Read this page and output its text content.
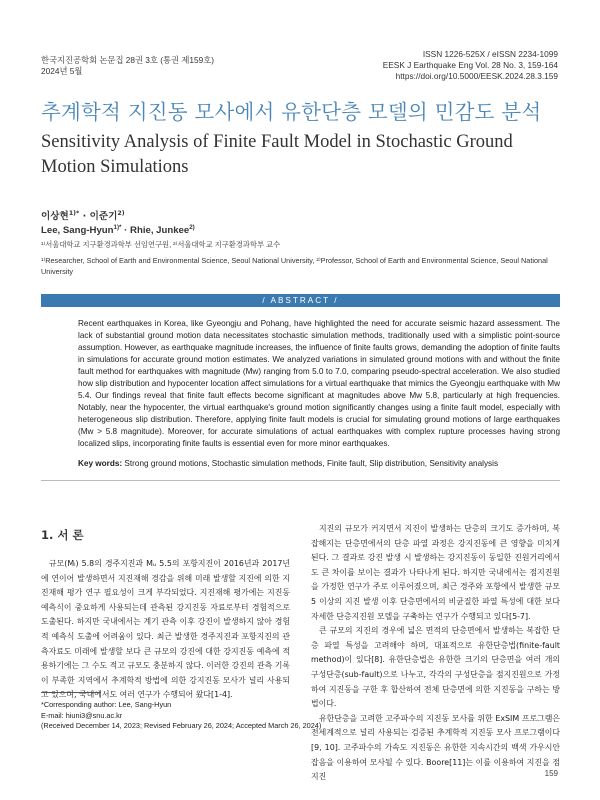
한국지진공학회 논문집 28권 3호 (통권 제159호)
2024년 5월
ISSN 1226-525X / eISSN 2234-1099
EESK J Earthquake Eng Vol. 28 No. 3, 159-164
https://doi.org/10.5000/EESK.2024.28.3.159
추계학적 지진동 모사에서 유한단층 모델의 민감도 분석
Sensitivity Analysis of Finite Fault Model in Stochastic Ground Motion Simulations
이상현$^{1)*}$ · 이준기$^{2)}$
Lee, Sang-Hyun$^{1)*}$ · Rhie, Junkee$^{2)}$
¹⁾서울대학교 지구환경과학부 선임연구원, ²⁾서울대학교 지구환경과학부 교수
¹⁾Researcher, School of Earth and Environmental Science, Seoul National University, ²⁾Professor, School of Earth and Environmental Science, Seoul National University
/ ABSTRACT /
Recent earthquakes in Korea, like Gyeongju and Pohang, have highlighted the need for accurate seismic hazard assessment. The lack of substantial ground motion data necessitates stochastic simulation methods, traditionally used with a simplistic point-source assumption. However, as earthquake magnitude increases, the influence of finite faults grows, demanding the adoption of finite faults in simulations for accurate ground motion estimates. We analyzed variations in simulated ground motions with and without the finite fault method for earthquakes with magnitude (Mw) ranging from 5.0 to 7.0, comparing pseudo-spectral acceleration. We also studied how slip distribution and hypocenter location affect simulations for a virtual earthquake that mimics the Gyeongju earthquake with Mw 5.4. Our findings reveal that finite fault effects become significant at magnitudes above Mw 5.8, particularly at high frequencies. Notably, near the hypocenter, the virtual earthquake's ground motion significantly changes using a finite fault model, especially with heterogeneous slip distribution. Therefore, applying finite fault models is crucial for simulating ground motions of large earthquakes (Mw > 5.8 magnitude). Moreover, for accurate simulations of actual earthquakes with complex rupture processes having strong localized slips, incorporating finite faults is essential even for more minor earthquakes.
Key words: Strong ground motions, Stochastic simulation methods, Finite fault, Slip distribution, Sensitivity analysis
1. 서 론

규모(Mₗ) 5.8의 경주지진과 Mᵤ 5.5의 포항지진이 2016년과 2017년에 연이어 발생하면서 지진재해 경감을 위해 미래 발생할 지진에 의한 지진재해 평가 연구 필요성이 크게 부각되었다. 지진재해 평가에는 지진동 예측식이 중요하게 사용되는데 관측된 강지진동 자료로부터 경험적으로 도출된다. 하지만 국내에서는 계기 관측 이후 강진이 발생하지 않아 경험적 예측식 도출에 어려움이 있다. 최근 발생한 경주지진과 포항지진의 관측자료도 미래에 발생할 보다 큰 규모의 강진에 대한 강지진동 예측에 적용하기에는 그 수도 적고 규모도 충분하지 않다. 이러한 강진의 관측 기록이 부족한 지역에서 추계학적 방법에 의한 강지진동 모사가 널리 사용되고 있으며, 국내에서도 여러 연구가 수행되어 왔다[1-4].

지진의 규모가 커지면서 지진이 발생하는 단층의 크기도 증가하며, 복잡해지는 단층면에서의 단층 파열 과정은 강지진동에 큰 영향을 미치게 된다. 그 결과로 강진 발생 시 발생하는 강지진동이 동일한 진원거리에서도 큰 차이를 보이는 결과가 나타나게 된다. 하지만 국내에서는 점지진원을 가정한 연구가 주로 이루어졌으며, 최근 경주와 포항에서 발생한 규모 5 이상의 지진 발생 이후 단층면에서의 비균질한 파열 특성에 대한 보다 자세한 단층지진원 모델을 구축하는 연구가 수행되고 있다[5-7].

큰 규모의 지진의 경우에 넓은 면적의 단층면에서 발생하는 복잡한 단층 파열 특성을 고려해야 하며, 대표적으로 유한단층법(finite-fault method)이 있다[8]. 유한단층법은 유한한 크기의 단층면을 여러 개의 구성단층(sub-fault)으로 나누고, 각각의 구성단층을 점지진원으로 가정하여 지진동을 구한 후 합산하여 전체 단층면에 의한 지진동을 구하는 방법이다.

유한단층을 고려한 고주파수의 지진동 모사를 위한 ExSIM 프로그램은 전세계적으로 널리 사용되는 검증된 추계학적 지진동 모사 프로그램이다 [9, 10]. 고주파수의 가속도 지진동은 유한한 지속시간의 백색 가우시안 잡음을 이용하여 모사될 수 있다. Boore[11]는 이를 이용하여 지진을 점지진

*Corresponding author: Lee, Sang-Hyun
E-mail: hiuni3@snu.ac.kr
(Received December 14, 2023; Revised February 26, 2024; Accepted March 26, 2024)
159
